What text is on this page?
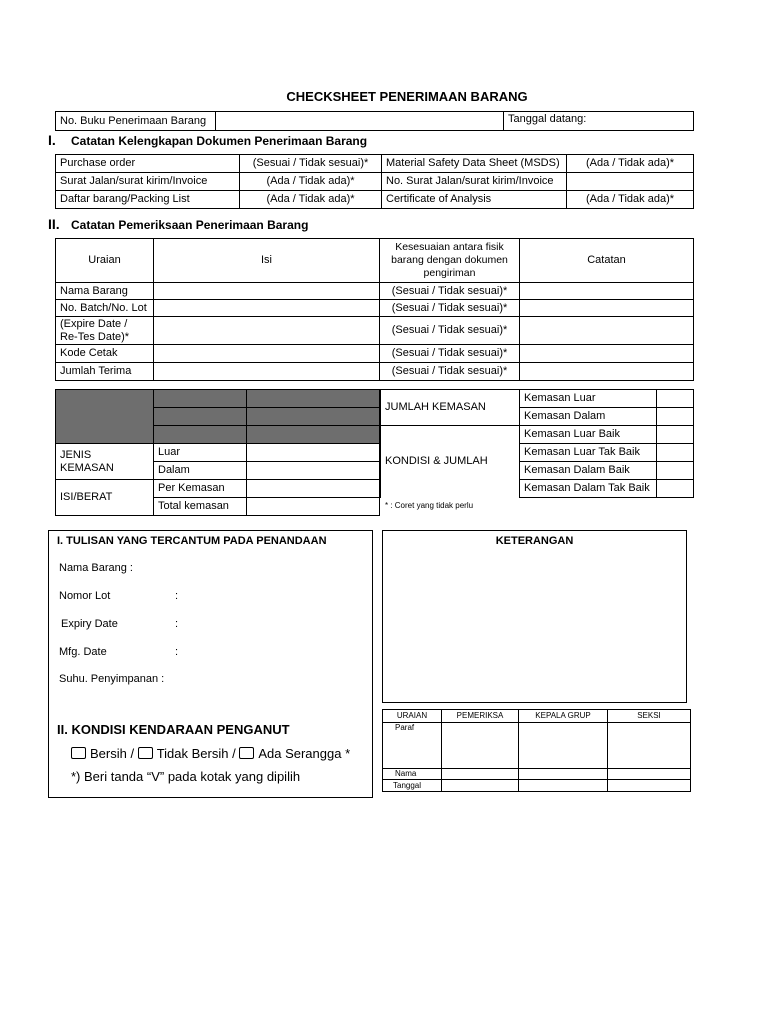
CHECKSHEET PENERIMAAN BARANG
No. Buku Penerimaan Barang		Tanggal datang:
I. Catatan Kelengkapan Dokumen Penerimaan Barang
Purchase order	(Sesuai / Tidak sesuai)*	Material Safety Data Sheet (MSDS)	(Ada / Tidak ada)*
Surat Jalan/surat kirim/Invoice	(Ada / Tidak ada)*	No. Surat Jalan/surat kirim/Invoice	
Daftar barang/Packing List	(Ada / Tidak ada)*	Certificate of Analysis	(Ada / Tidak ada)*
II. Catatan Pemeriksaan Penerimaan Barang
Uraian	Isi	Kesesuaian antara fisik barang dengan dokumen pengiriman	Catatan
Nama Barang		(Sesuai / Tidak sesuai)*	
No. Batch/No. Lot		(Sesuai / Tidak sesuai)*	

(Expire Date /
Re-Tes Date)*		(Sesuai / Tidak sesuai)*	
Kode Cetak		(Sesuai / Tidak sesuai)*	
Jumlah Terima		(Sesuai / Tidak sesuai)*	

JENIS
KEMASAN	Luar	
	Dalam	
ISI/BERAT	Per Kemasan	
	Total kemasan	
JUMLAH KEMASAN	Kemasan Luar	
	Kemasan Dalam	
KONDISI & JUMLAH	Kemasan Luar Baik	
	Kemasan Luar Tak Baik	
	Kemasan Dalam Baik	
	Kemasan Dalam Tak Baik	
* : Coret yang tidak perlu
I. TULISAN YANG TERCANTUM PADA PENANDAAN
Nama Barang :
Nomor Lot	:
Expiry Date	:
Mfg. Date	:
Suhu. Penyimpanan :
II. KONDISI KENDARAAN PENGANUT
Bersih / Tidak Bersih / Ada Serangga *
*) Beri tanda “V” pada kotak yang dipilih
KETERANGAN
URAIAN	PEMERIKSA	KEPALA GRUP	SEKSI
Paraf			
Nama			
Tanggal			
